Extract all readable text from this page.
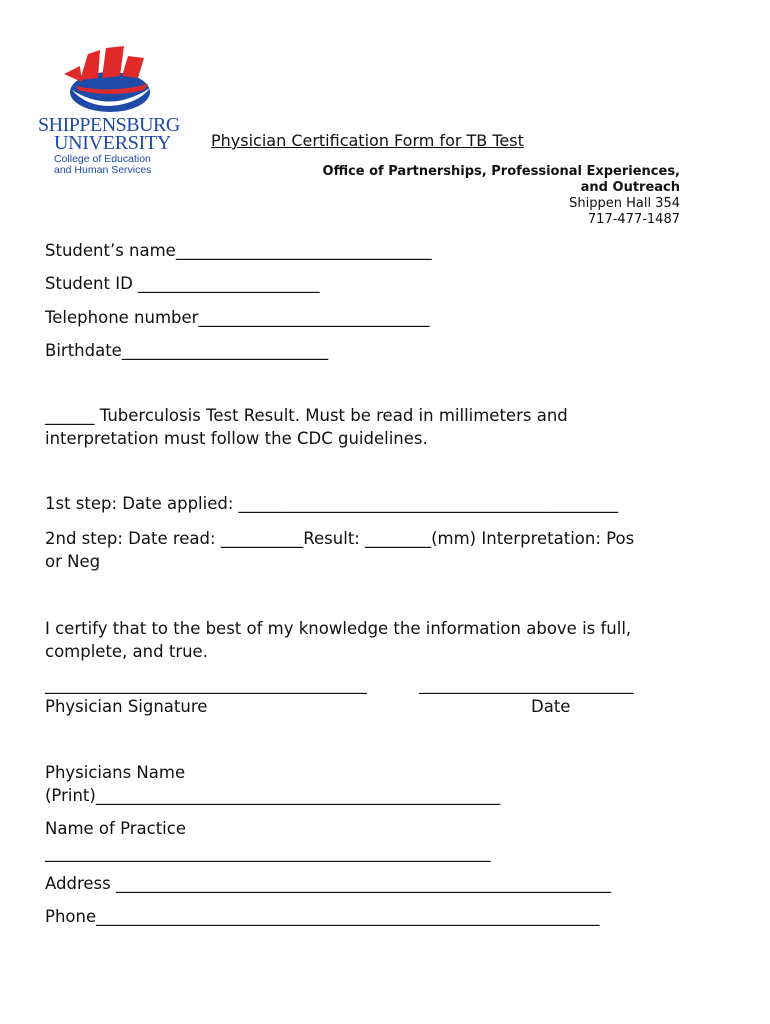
SHIPPENSBURG
UNIVERSITY
College of Education
and Human Services
Physician Certification Form for TB Test
Office of Partnerships, Professional Experiences,
and Outreach
Shippen Hall 354
717-477-1487
Student’s name_______________________________
Student ID ______________________
Telephone number____________________________
Birthdate_________________________
______ Tuberculosis Test Result. Must be read in millimeters and
interpretation must follow the CDC guidelines.
1st step: Date applied: ______________________________________________
2nd step: Date read: __________Result: ________(mm) Interpretation: Pos
or Neg
I certify that to the best of my knowledge the information above is full,
complete, and true.
_______________________________________	__________________________
Physician Signature	Date
Physicians Name
(Print)_________________________________________________
Name of Practice
______________________________________________________
Address ____________________________________________________________
Phone_____________________________________________________________
